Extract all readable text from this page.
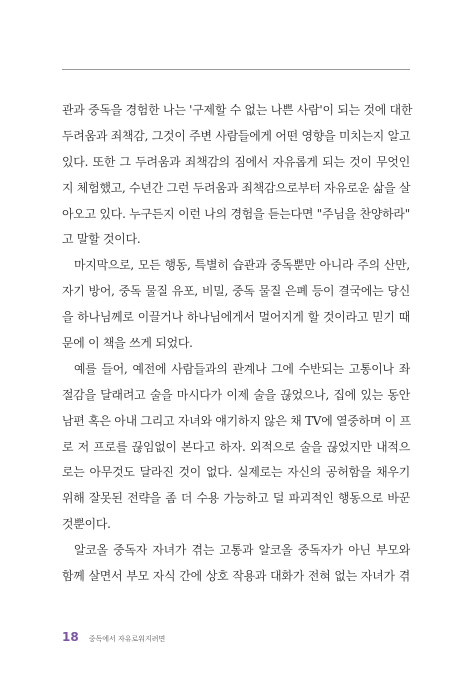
관과 중독을 경험한 나는 '구제할 수 없는 나쁜 사람'이 되는 것에 대한
두려움과 죄책감, 그것이 주변 사람들에게 어떤 영향을 미치는지 알고
있다. 또한 그 두려움과 죄책감의 짐에서 자유롭게 되는 것이 무엇인
지 체험했고, 수년간 그런 두려움과 죄책감으로부터 자유로운 삶을 살
아오고 있다. 누구든지 이런 나의 경험을 듣는다면 "주님을 찬양하라"
고 말할 것이다.
마지막으로, 모든 행동, 특별히 습관과 중독뿐만 아니라 주의 산만,
자기 방어, 중독 물질 유포, 비밀, 중독 물질 은폐 등이 결국에는 당신
을 하나님께로 이끌거나 하나님에게서 멀어지게 할 것이라고 믿기 때
문에 이 책을 쓰게 되었다.
예를 들어, 예전에 사람들과의 관계나 그에 수반되는 고통이나 좌
절감을 달래려고 술을 마시다가 이제 술을 끊었으나, 집에 있는 동안
남편 혹은 아내 그리고 자녀와 얘기하지 않은 채 TV에 열중하며 이 프
로 저 프로를 끊임없이 본다고 하자. 외적으로 술을 끊었지만 내적으
로는 아무것도 달라진 것이 없다. 실제로는 자신의 공허함을 채우기
위해 잘못된 전략을 좀 더 수용 가능하고 덜 파괴적인 행동으로 바꾼
것뿐이다.
알코올 중독자 자녀가 겪는 고통과 알코올 중독자가 아닌 부모와
함께 살면서 부모 자식 간에 상호 작용과 대화가 전혀 없는 자녀가 겪
18 중독에서 자유로워지려면
